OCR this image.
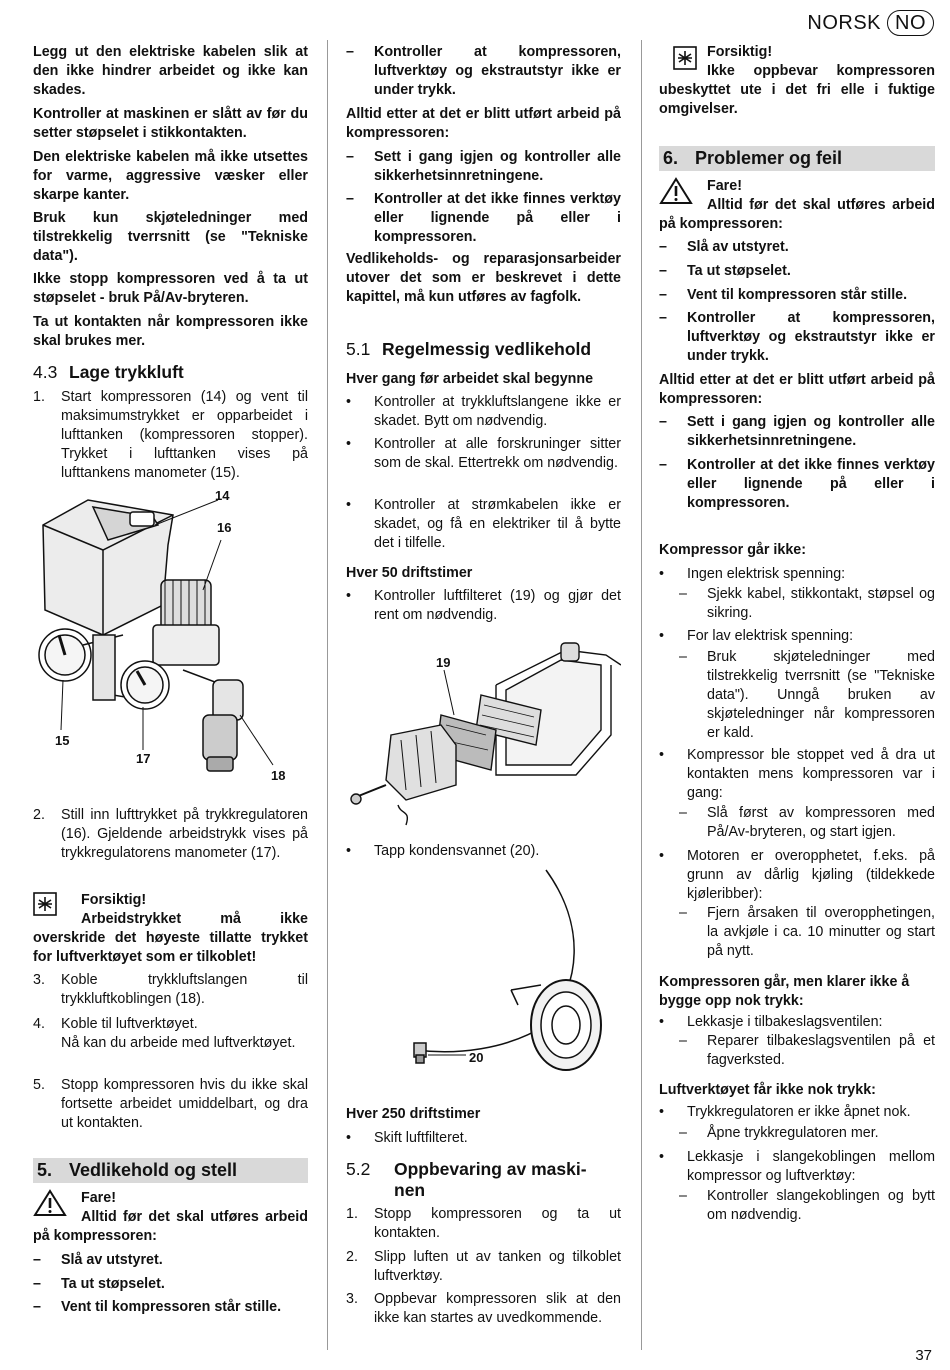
NORSK NO
Legg ut den elektriske kabelen slik at den ikke hindrer arbeidet og ikke kan skades.
Kontroller at maskinen er slått av før du setter støpselet i stikkontakten.
Den elektriske kabelen må ikke utsettes for varme, aggressive væsker eller skarpe kanter.
Bruk kun skjøteledninger med tilstrekkelig tverrsnitt (se "Tekniske data").
Ikke stopp kompressoren ved å ta ut støpselet - bruk På/Av-bryteren.
Ta ut kontakten når kompressoren ikke skal brukes mer.
4.3 Lage trykkluft
1. Start kompressoren (14) og vent til maksimumstrykket er opparbeidet i lufttanken (kompressoren stopper). Trykket i lufttanken vises på lufttankens manometer (15).
14
16
15
17
18
2. Still inn lufttrykket på trykkregulatoren (16). Gjeldende arbeidstrykk vises på trykkregulatorens manometer (17).
Forsiktig!
Arbeidstrykket må ikke overskride det høyeste tillatte trykket for luftverktøyet som er tilkoblet!
3. Koble trykkluftslangen til trykkluftkoblingen (18).
4. Koble til luftverktøyet.
Nå kan du arbeide med luftverktøyet.
5. Stopp kompressoren hvis du ikke skal fortsette arbeidet umiddelbart, og dra ut kontakten.
5. Vedlikehold og stell
Fare!
Alltid før det skal utføres arbeid på kompressoren:
– Slå av utstyret.
– Ta ut støpselet.
– Vent til kompressoren står stille.
– Kontroller at kompressoren, luftverktøy og ekstrautstyr ikke er under trykk.
Alltid etter at det er blitt utført arbeid på kompressoren:
– Sett i gang igjen og kontroller alle sikkerhetsinnretningene.
– Kontroller at det ikke finnes verktøy eller lignende på eller i kompressoren.
Vedlikeholds- og reparasjonsarbeider utover det som er beskrevet i dette kapittel, må kun utføres av fagfolk.
5.1 Regelmessig vedlikehold
Hver gang før arbeidet skal begynne
• Kontroller at trykkluftslangene ikke er skadet. Bytt om nødvendig.
• Kontroller at alle forskruninger sitter som de skal. Ettertrekk om nødvendig.
• Kontroller at strømkabelen ikke er skadet, og få en elektriker til å bytte det i tilfelle.
Hver 50 driftstimer
• Kontroller luftfilteret (19) og gjør det rent om nødvendig.
19
• Tapp kondensvannet (20).
20
Hver 250 driftstimer
• Skift luftfilteret.
5.2	Oppbevaring av maski-
nen
1. Stopp kompressoren og ta ut kontakten.
2. Slipp luften ut av tanken og tilkoblet luftverktøy.
3. Oppbevar kompressoren slik at den ikke kan startes av uvedkommende.
Forsiktig!
Ikke oppbevar kompressoren ubeskyttet ute i det fri elle i fuktige omgivelser.
6. Problemer og feil
Fare!
Alltid før det skal utføres arbeid på kompressoren:
– Slå av utstyret.
– Ta ut støpselet.
– Vent til kompressoren står stille.
– Kontroller at kompressoren, luftverktøy og ekstrautstyr ikke er under trykk.
Alltid etter at det er blitt utført arbeid på kompressoren:
– Sett i gang igjen og kontroller alle sikkerhetsinnretningene.
– Kontroller at det ikke finnes verktøy eller lignende på eller i kompressoren.
Kompressor går ikke:
• Ingen elektrisk spenning:
– Sjekk kabel, stikkontakt, støpsel og sikring.
• For lav elektrisk spenning:
– Bruk skjøteledninger med tilstrekkelig tverrsnitt (se "Tekniske data"). Unngå bruken av skjøteledninger når kompressoren er kald.
• Kompressor ble stoppet ved å dra ut kontakten mens kompressoren var i gang:
– Slå først av kompressoren med På/Av-bryteren, og start igjen.
• Motoren er overopphetet, f.eks. på grunn av dårlig kjøling (tildekkede kjøleribber):
– Fjern årsaken til overopphetingen, la avkjøle i ca. 10 minutter og start på nytt.
Kompressoren går, men klarer ikke å bygge opp nok trykk:
• Lekkasje i tilbakeslagsventilen:
– Reparer tilbakeslagsventilen på et fagverksted.
Luftverktøyet får ikke nok trykk:
• Trykkregulatoren er ikke åpnet nok.
– Åpne trykkregulatoren mer.
• Lekkasje i slangekoblingen mellom kompressor og luftverktøy:
– Kontroller slangekoblingen og bytt om nødvendig.
37
